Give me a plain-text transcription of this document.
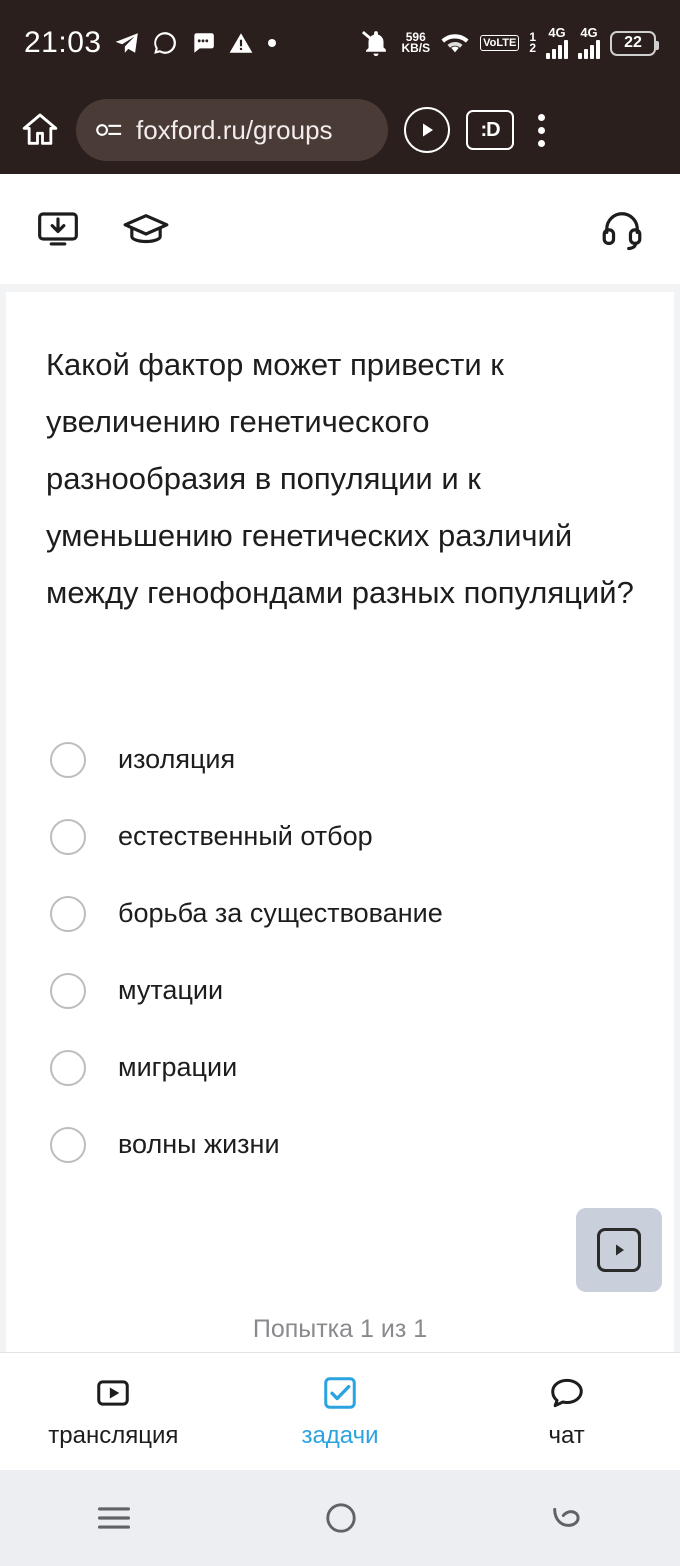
21:03	596
KB/S	VoLTE 1
2
4G 4G
22
foxford.ru/groups	:D
Какой фактор может привести к увеличению генетического разнообразия в популяции и к уменьшению генетических различий между генофондами разных популяций?
изоляция
естественный отбор
борьба за существование
мутации
миграции
волны жизни
Попытка 1 из 1
трансляция	задачи	чат
